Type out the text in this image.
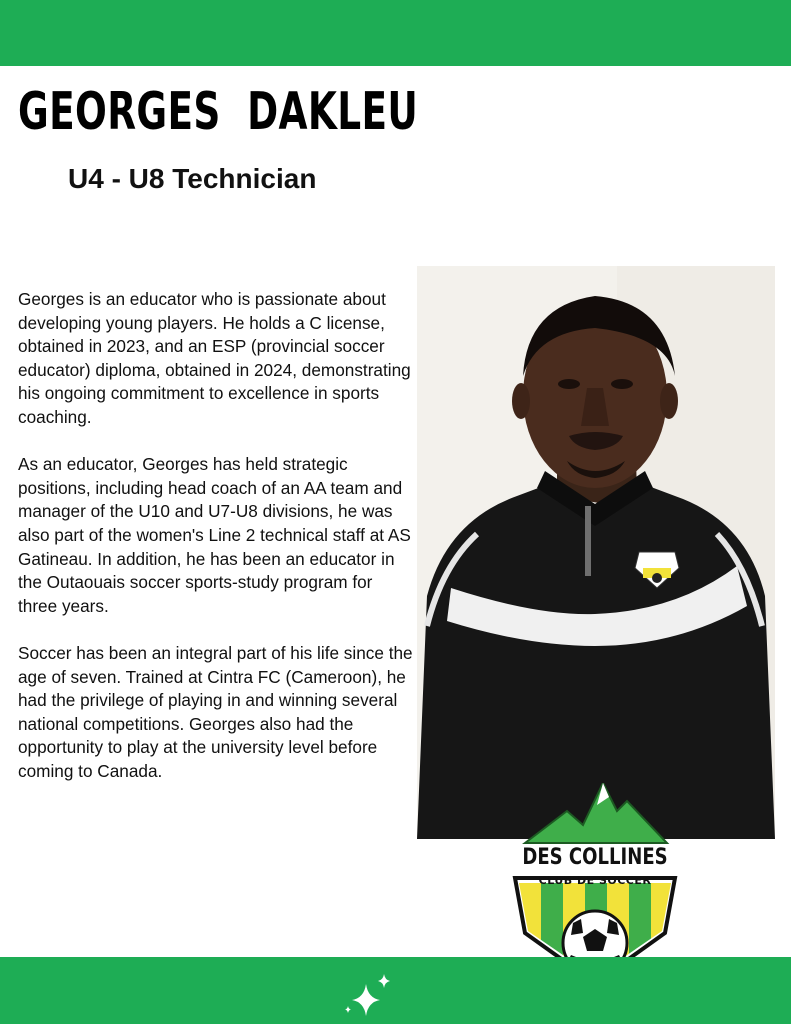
GEORGES DAKLEU
U4 - U8 Technician

Georges is an educator who is passionate about developing young players. He holds a C license, obtained in 2023, and an ESP (provincial soccer educator) diploma, obtained in 2024, demonstrating his ongoing commitment to excellence in sports coaching.

As an educator, Georges has held strategic positions, including head coach of an AA team and manager of the U10 and U7-U8 divisions, he was also part of the women's Line 2 technical staff at AS Gatineau. In addition, he has been an educator in the Outaouais soccer sports-study program for three years.

Soccer has been an integral part of his life since the age of seven. Trained at Cintra FC (Cameroon), he had the privilege of playing in and winning several national competitions. Georges also had the opportunity to play at the university level before coming to Canada.

DES COLLINES
CLUB DE SOCCER
